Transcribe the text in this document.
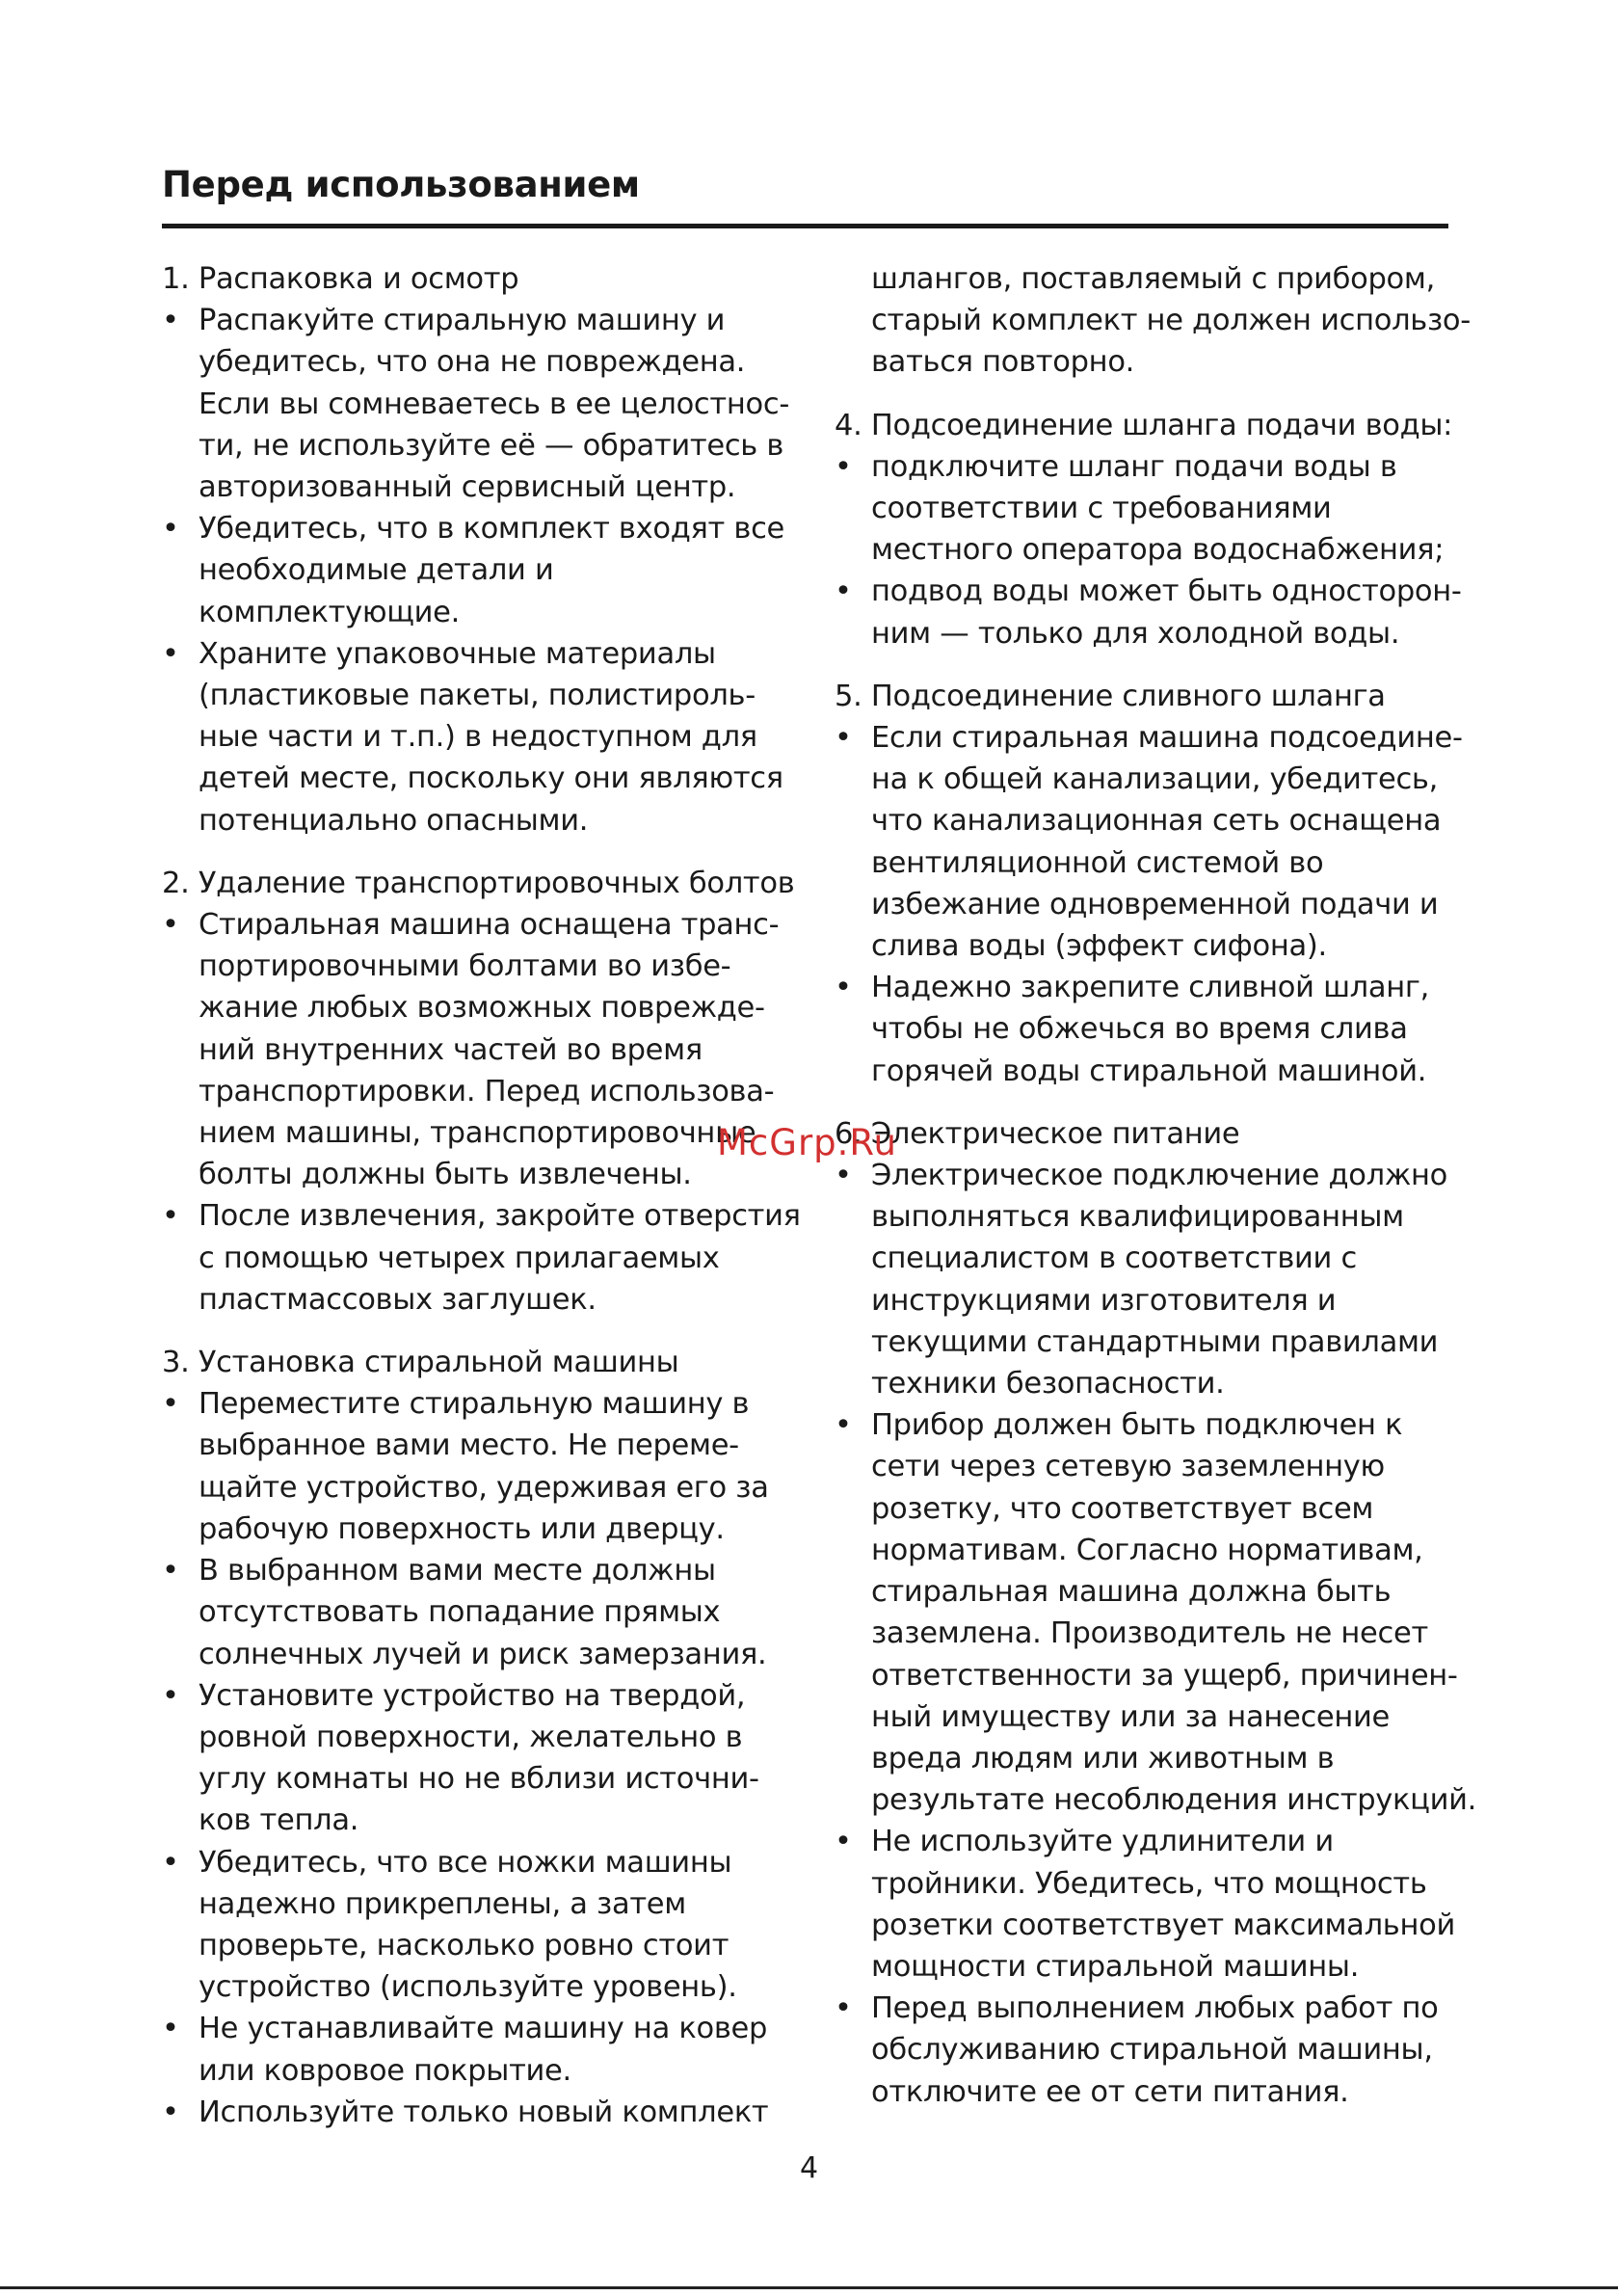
Перед использованием

1. Распаковка и осмотр

• Распакуйте стиральную машину и
убедитесь, что она не повреждена.
Если вы сомневаетесь в ее целостнос-
ти, не используйте её — обратитесь в
авторизованный сервисный центр.
• Убедитесь, что в комплект входят все
необходимые детали и
комплектующие.
• Храните упаковочные материалы
(пластиковые пакеты, полистироль-
ные части и т.п.) в недоступном для
детей месте, поскольку они являются
потенциально опасными.

2. Удаление транспортировочных болтов

• Стиральная машина оснащена транс-
портировочными болтами во избе-
жание любых возможных поврежде-
ний внутренних частей во время
транспортировки. Перед использова-
нием машины, транспортировочные
болты должны быть извлечены.
• После извлечения, закройте отверстия
с помощью четырех прилагаемых
пластмассовых заглушек.

3. Установка стиральной машины

• Переместите стиральную машину в
выбранное вами место. Не переме-
щайте устройство, удерживая его за
рабочую поверхность или дверцу.
• В выбранном вами месте должны
отсутствовать попадание прямых
солнечных лучей и риск замерзания.
• Установите устройство на твердой,
ровной поверхности, желательно в
углу комнаты но не вблизи источни-
ков тепла.
• Убедитесь, что все ножки машины
надежно прикреплены, а затем
проверьте, насколько ровно стоит
устройство (используйте уровень).
• Не устанавливайте машину на ковер
или ковровое покрытие.
• Используйте только новый комплект

шлангов, поставляемый с прибором,
старый комплект не должен использо-
ваться повторно.

4. Подсоединение шланга подачи воды:

• подключите шланг подачи воды в
соответствии с требованиями
местного оператора водоснабжения;
• подвод воды может быть односторон-
ним — только для холодной воды.

5. Подсоединение сливного шланга

• Если стиральная машина подсоедине-
на к общей канализации, убедитесь,
что канализационная сеть оснащена
вентиляционной системой во
избежание одновременной подачи и
слива воды (эффект сифона).
• Надежно закрепите сливной шланг,
чтобы не обжечься во время слива
горячей воды стиральной машиной.

6. Электрическое питание

• Электрическое подключение должно
выполняться квалифицированным
специалистом в соответствии с
инструкциями изготовителя и
текущими стандартными правилами
техники безопасности.
• Прибор должен быть подключен к
сети через сетевую заземленную
розетку, что соответствует всем
нормативам. Согласно нормативам,
стиральная машина должна быть
заземлена. Производитель не несет
ответственности за ущерб, причинен-
ный имуществу или за нанесение
вреда людям или животным в
результате несоблюдения инструкций.
• Не используйте удлинители и
тройники. Убедитесь, что мощность
розетки соответствует максимальной
мощности стиральной машины.
• Перед выполнением любых работ по
обслуживанию стиральной машины,
отключите ее от сети питания.
McGrp.Ru
4
